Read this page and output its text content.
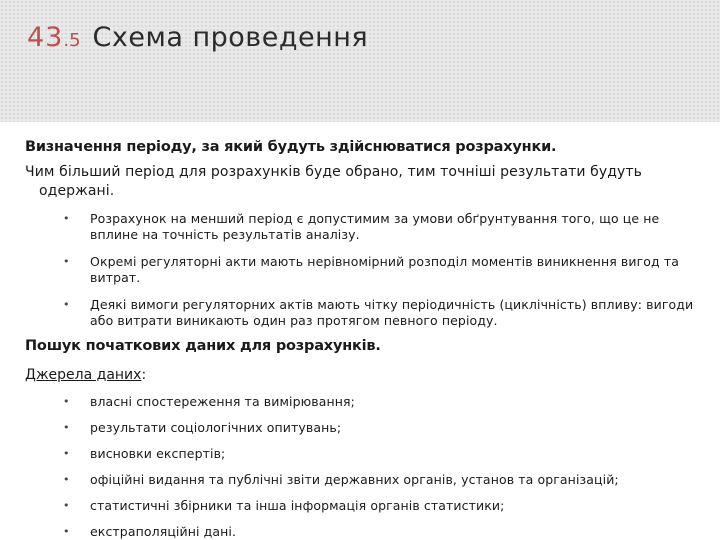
43.5 Схема проведення

Визначення періоду, за який будуть здійснюватися розрахунки.

Чим більший період для розрахунків буде обрано, тим точніші результати будуть одержані.

• Розрахунок на менший період є допустимим за умови обґрунтування того, що це не вплине на точність результатів аналізу.
• Окремі регуляторні акти мають нерівномірний розподіл моментів виникнення вигод та витрат.
• Деякі вимоги регуляторних актів мають чітку періодичність (циклічність) впливу: вигоди або витрати виникають один раз протягом певного періоду.

Пошук початкових даних для розрахунків.

Джерела даних:

• власні спостереження та вимірювання;
• результати соціологічних опитувань;
• висновки експертів;
• офіційні видання та публічні звіти державних органів, установ та організацій;
• статистичні збірники та інша інформація органів статистики;
• екстраполяційні дані.
